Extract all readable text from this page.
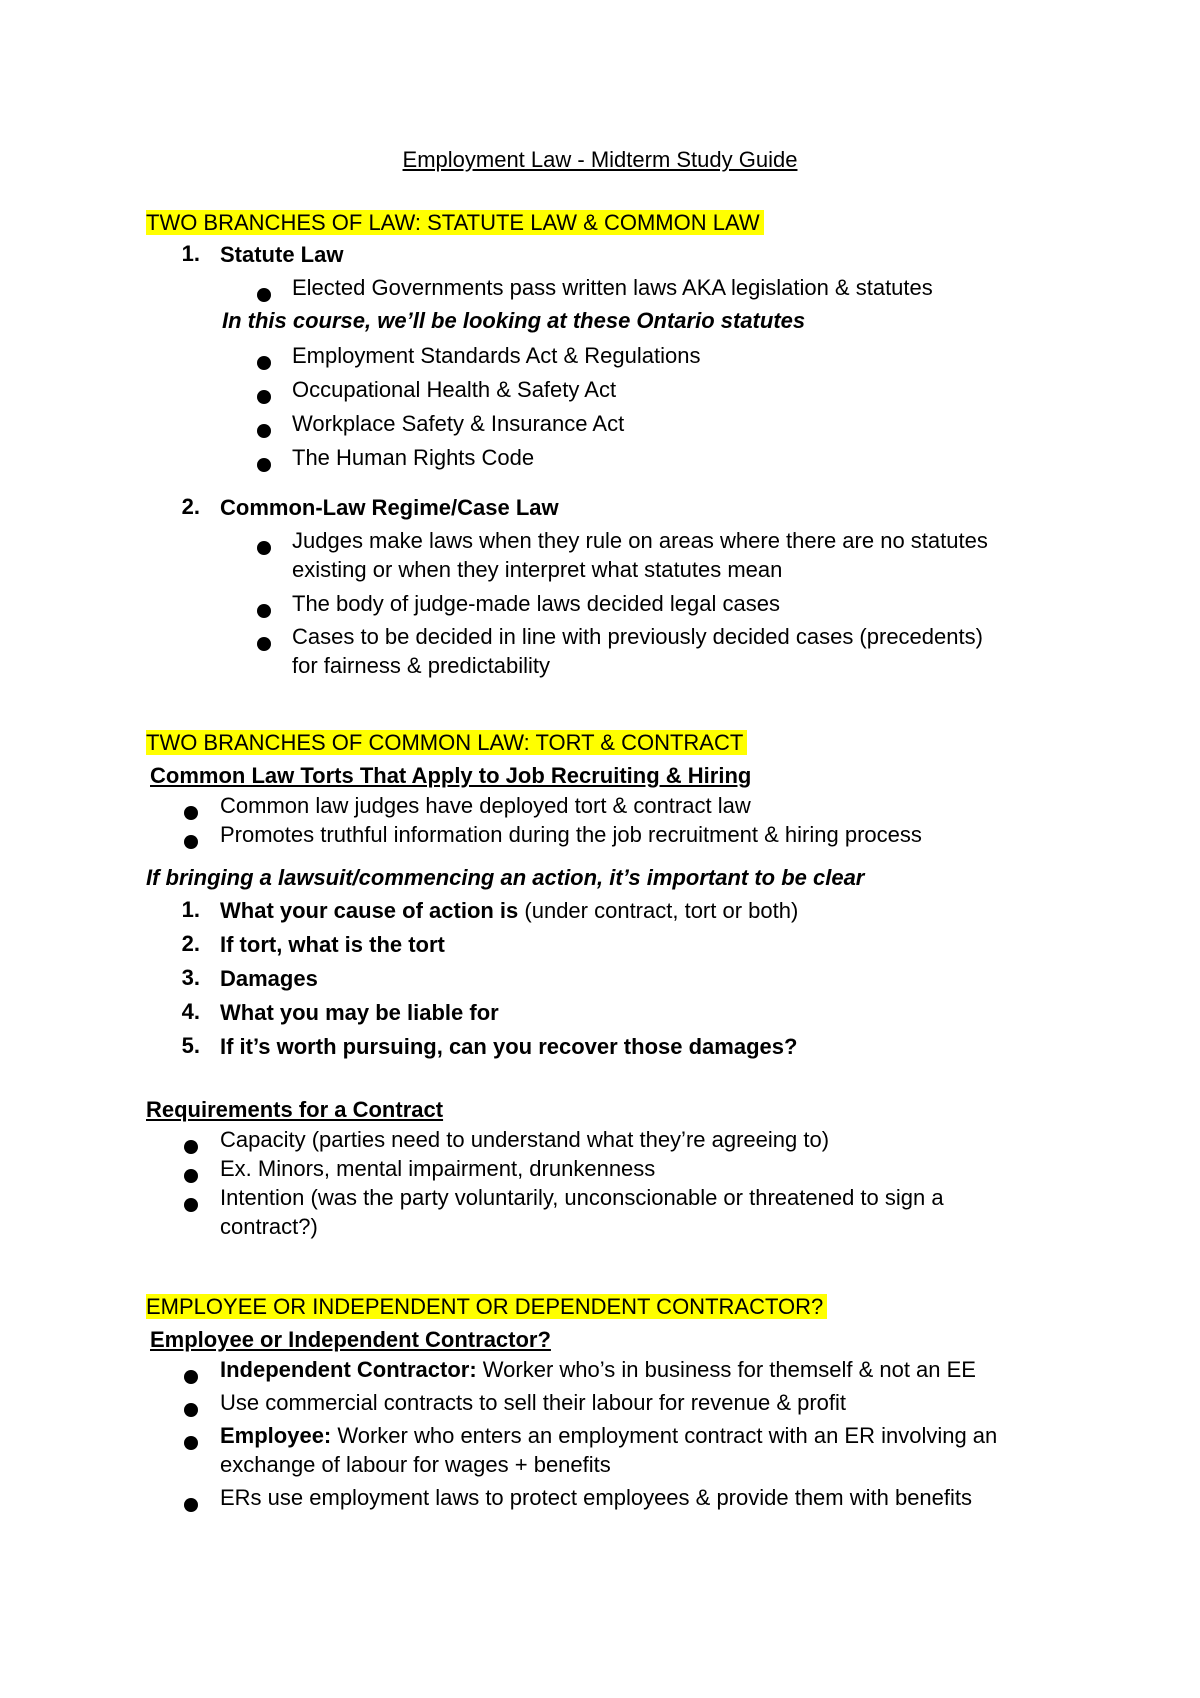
Employment Law - Midterm Study Guide
TWO BRANCHES OF LAW: STATUTE LAW & COMMON LAW
1. Statute Law
Elected Governments pass written laws AKA legislation & statutes
In this course, we’ll be looking at these Ontario statutes
Employment Standards Act & Regulations
Occupational Health & Safety Act
Workplace Safety & Insurance Act
The Human Rights Code
2. Common-Law Regime/Case Law
Judges make laws when they rule on areas where there are no statutes
existing or when they interpret what statutes mean
The body of judge-made laws decided legal cases
Cases to be decided in line with previously decided cases (precedents)
for fairness & predictability
TWO BRANCHES OF COMMON LAW: TORT & CONTRACT
Common Law Torts That Apply to Job Recruiting & Hiring
Common law judges have deployed tort & contract law
Promotes truthful information during the job recruitment & hiring process
If bringing a lawsuit/commencing an action, it’s important to be clear
1. What your cause of action is (under contract, tort or both)
2. If tort, what is the tort
3. Damages
4. What you may be liable for
5. If it’s worth pursuing, can you recover those damages?
Requirements for a Contract
Capacity (parties need to understand what they’re agreeing to)
Ex. Minors, mental impairment, drunkenness
Intention (was the party voluntarily, unconscionable or threatened to sign a
contract?)
EMPLOYEE OR INDEPENDENT OR DEPENDENT CONTRACTOR?
Employee or Independent Contractor?
Independent Contractor: Worker who’s in business for themself & not an EE
Use commercial contracts to sell their labour for revenue & profit
Employee: Worker who enters an employment contract with an ER involving an
exchange of labour for wages + benefits
ERs use employment laws to protect employees & provide them with benefits
